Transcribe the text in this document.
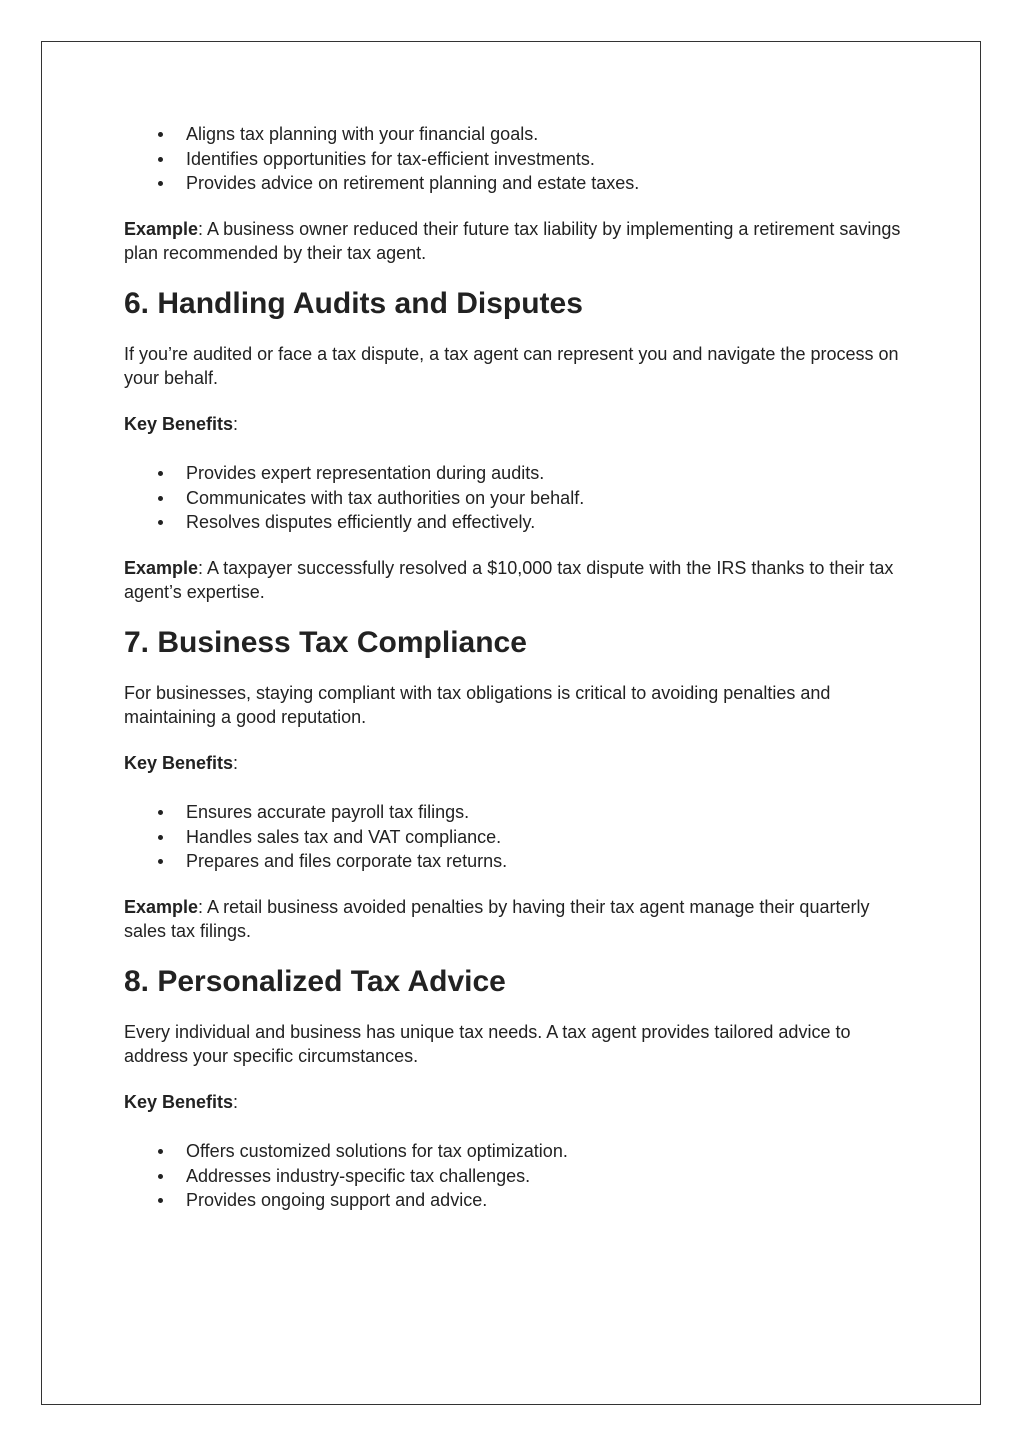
Aligns tax planning with your financial goals.
Identifies opportunities for tax-efficient investments.
Provides advice on retirement planning and estate taxes.

Example: A business owner reduced their future tax liability by implementing a retirement savings plan recommended by their tax agent.

6. Handling Audits and Disputes

If you’re audited or face a tax dispute, a tax agent can represent you and navigate the process on your behalf.

Key Benefits:

Provides expert representation during audits.
Communicates with tax authorities on your behalf.
Resolves disputes efficiently and effectively.

Example: A taxpayer successfully resolved a $10,000 tax dispute with the IRS thanks to their tax agent’s expertise.

7. Business Tax Compliance

For businesses, staying compliant with tax obligations is critical to avoiding penalties and maintaining a good reputation.

Key Benefits:

Ensures accurate payroll tax filings.
Handles sales tax and VAT compliance.
Prepares and files corporate tax returns.

Example: A retail business avoided penalties by having their tax agent manage their quarterly sales tax filings.

8. Personalized Tax Advice

Every individual and business has unique tax needs. A tax agent provides tailored advice to address your specific circumstances.

Key Benefits:

Offers customized solutions for tax optimization.
Addresses industry-specific tax challenges.
Provides ongoing support and advice.
